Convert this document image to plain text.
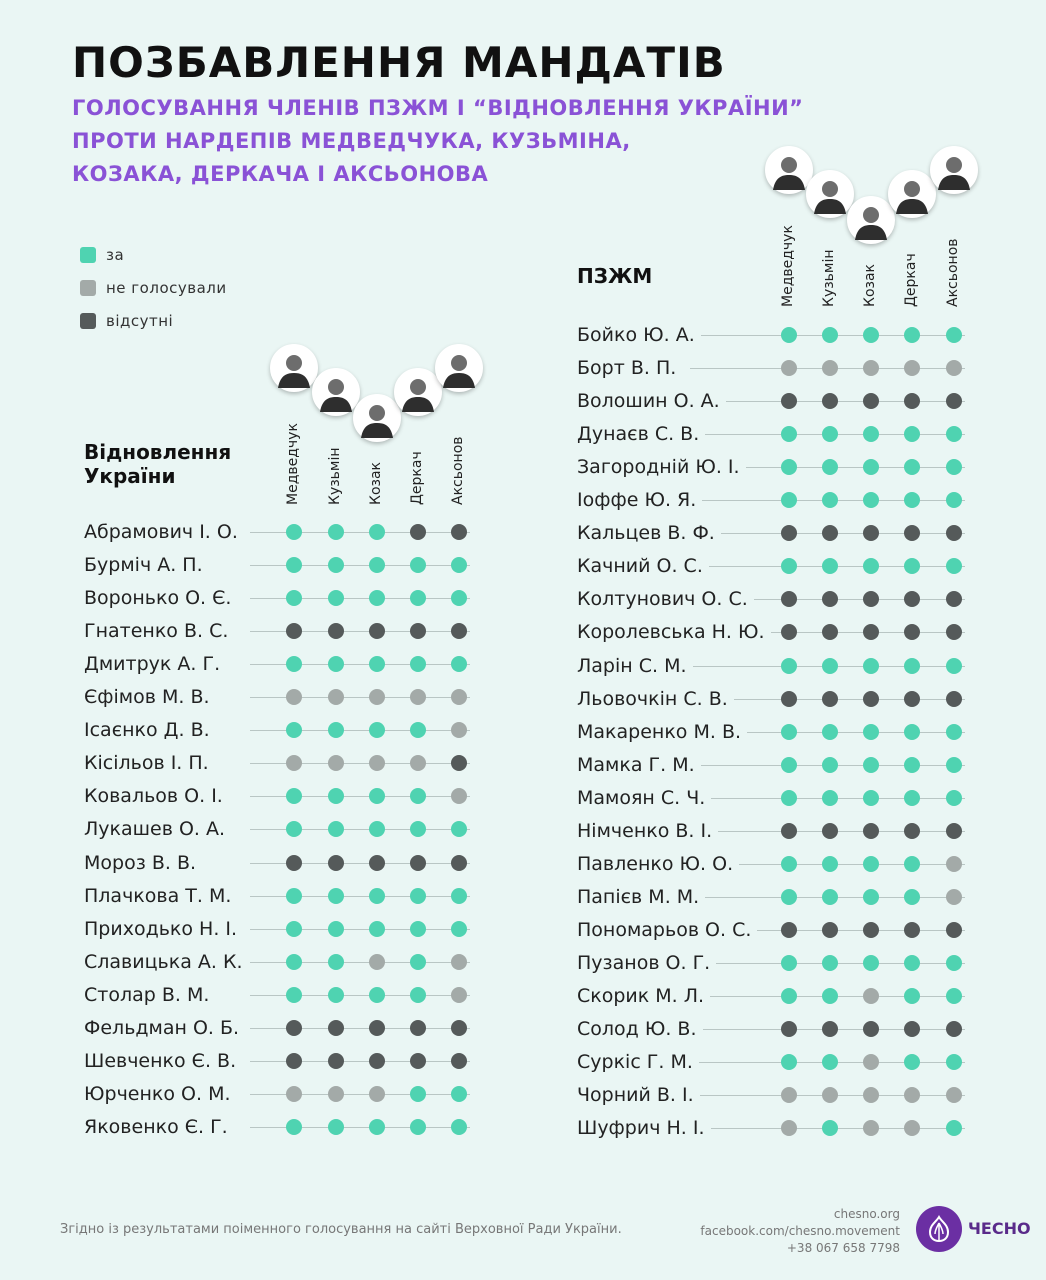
ПОЗБАВЛЕННЯ МАНДАТІВ
ГОЛОСУВАННЯ ЧЛЕНІВ ПЗЖМ І “ВІДНОВЛЕННЯ УКРАЇНИ”
ПРОТИ НАРДЕПІВ МЕДВЕДЧУКА, КУЗЬМІНА,
КОЗАКА, ДЕРКАЧА І АКСЬОНОВА
за
не голосували
відсутні
Відновлення
України	Медведчук Кузьмін Козак Деркач Аксьонов
Абрамович І. О.
Бурміч А. П.
Воронько О. Є.
Гнатенко В. С.
Дмитрук А. Г.
Єфімов М. В.
Ісаєнко Д. В.
Кісільов І. П.
Ковальов О. І.
Лукашев О. А.
Мороз В. В.
Плачкова Т. М.
Приходько Н. І.
Славицька А. К.
Столар В. М.
Фельдман О. Б.
Шевченко Є. В.
Юрченко О. М.
Яковенко Є. Г.
ПЗЖМ	Медведчук Кузьмін Козак Деркач Аксьонов
Бойко Ю. А.
Борт В. П.
Волошин О. А.
Дунаєв С. В.
Загородній Ю. І.
Іоффе Ю. Я.
Кальцев В. Ф.
Качний О. С.
Колтунович О. С.
Королевська Н. Ю.
Ларін С. М.
Льовочкін С. В.
Макаренко М. В.
Мамка Г. М.
Мамоян С. Ч.
Німченко В. І.
Павленко Ю. О.
Папієв М. М.
Пономарьов О. С.
Пузанов О. Г.
Скорик М. Л.
Солод Ю. В.
Суркіс Г. М.
Чорний В. І.
Шуфрич Н. І.
Згідно із результатами поіменного голосування на сайті Верховної Ради України.
chesno.org
facebook.com/chesno.movement
+38 067 658 7798
ЧЕСНО
